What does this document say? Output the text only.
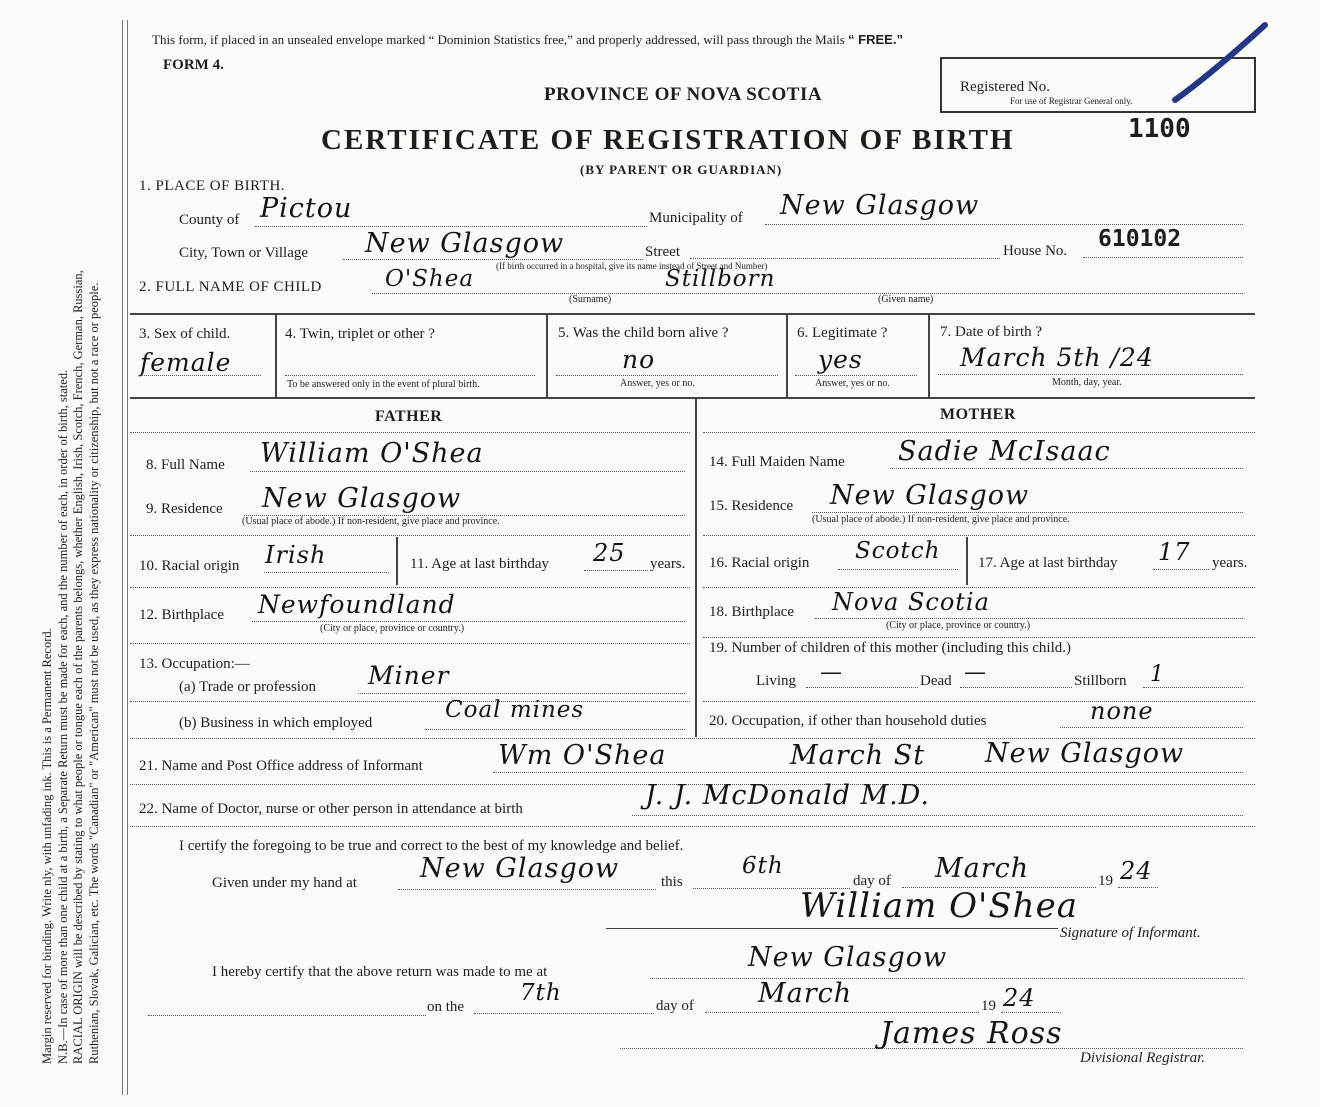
Margin reserved for binding. Write nly, with unfading ink. This is a Permanent Record. N.B.—In case of more than one child at a birth, a Separate Return must be made for each, and the number of each, in order of birth, stated. RACIAL ORIGIN will be described by stating to what people or tongue each of the parents belongs, whether English, Irish, Scotch, French, German, Russian, Ruthenian, Slovak, Galician, etc. The words "Canadian" or "American" must not be used, as they express nationality or citizenship, but not a race or people.
This form, if placed in an unsealed envelope marked “ Dominion Statistics free,” and properly addressed, will pass through the Mails “ FREE.”
FORM 4.
PROVINCE OF NOVA SCOTIA
CERTIFICATE OF REGISTRATION OF BIRTH
(BY PARENT OR GUARDIAN)
Registered No.
For use of Registrar General only.
1100
1. PLACE OF BIRTH.
County of Pictou	Municipality of New Glasgow
City, Town or Village New Glasgow	Street
(If birth occurred in a hospital, give its name instead of Street and Number)
House No. 610102
2. FULL NAME OF CHILD	O'Shea	Stillborn
(Surname)	(Given name)
3. Sex of child.
female
4. Twin, triplet or other ?
To be answered only in the event of plural birth.
5. Was the child born alive ?
no
Answer, yes or no.
6. Legitimate ?
yes
Answer, yes or no.
7. Date of birth ?
March 5th /24
Month, day, year.
FATHER
8. Full Name William O'Shea
9. Residence New Glasgow
(Usual place of abode.) If non-resident, give place and province.
10. Racial origin Irish	11. Age at last birthday 25 years.
12. Birthplace Newfoundland
(City or place, province or country.)
13. Occupation:—
(a) Trade or profession Miner
(b) Business in which employed	Coal mines
MOTHER
14. Full Maiden Name Sadie McIsaac
15. Residence New Glasgow
(Usual place of abode.) If non-resident, give place and province.
16. Racial origin Scotch	17. Age at last birthday 17 years.
18. Birthplace Nova Scotia
(City or place, province or country.)
19. Number of children of this mother (including this child.)
Living —	Dead —	Stillborn 1
20. Occupation, if other than household duties	none
21. Name and Post Office address of Informant	Wm O'Shea	March St New Glasgow
22. Name of Doctor, nurse or other person in attendance at birth	J. J. McDonald M.D.
I certify the foregoing to be true and correct to the best of my knowledge and belief.
Given under my hand at New Glasgow	this
6th
day of March	19 24
William O'Shea
Signature of Informant.
I hereby certify that the above return was made to me at	New Glasgow
on the
7th	day of March	19 24
James Ross
Divisional Registrar.
